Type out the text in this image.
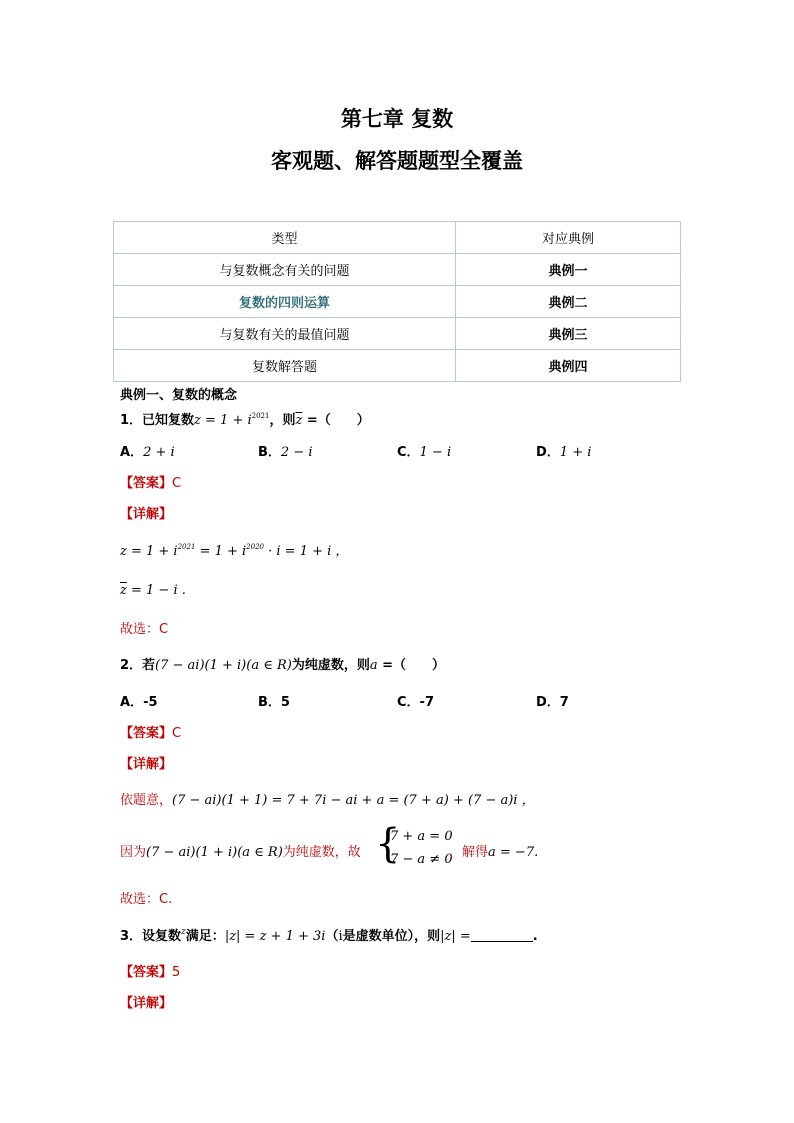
第七章 复数
客观题、解答题题型全覆盖
类型	对应典例
与复数概念有关的问题	典例一
复数的四则运算	典例二
与复数有关的最值问题	典例三
复数解答题	典例四
典例一、复数的概念
1．已知复数$z = 1 + i^{2021}$，则$\overline{z}$ =（　　）
A．2 + i	B．2 − i	C．1 − i	D．1 + i
【答案】C
【详解】
$z = 1 + i^{2021} = 1 + i^{2020} \cdot i = 1 + i$ ，
$\overline{z} = 1 - i$ .
故选：C
2．若(7 − ai)(1 + i)(a ∈ R)为纯虚数，则a =（　　）
A．-5	B．5	C．-7	D．7
【答案】C
【详解】
依题意，(7 − ai)(1 + 1) = 7 + 7i − ai + a = (7 + a) + (7 − a)i ，
因为(7 − ai)(1 + i)(a ∈ R)为纯虚数，故 {
7 + a = 0
7 − a ≠ 0
，解得a = −7.
故选：C.
3．设复数$^z$满足：|z| = z + 1 + 3i（i是虚数单位），则|z| =	.
【答案】5
【详解】
